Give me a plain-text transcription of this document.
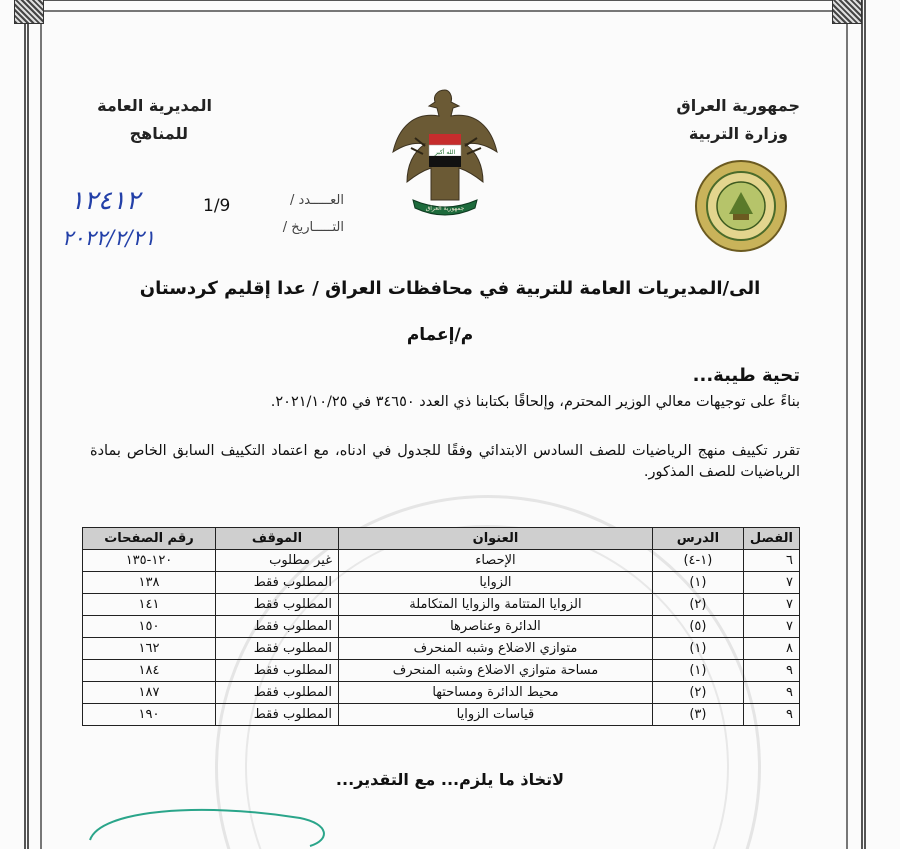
المديرية العامة
للمناهج
جمهورية العراق
وزارة التربية
الله أكبر
جمهورية العراق
العـــــدد /
التـــــاريخ /
1/9
١٢٤١٢
٢٠٢٢/٢/٢١
الى/المديريات العامة للتربية في محافظات العراق / عدا إقليم كردستان
م/إعمام
تحية طيبة...
بناءً على توجيهات معالي الوزير المحترم، وإلحاقًا بكتابنا ذي العدد ٣٤٦٥٠ في ٢٠٢١/١٠/٢٥.
تقرر تكييف منهج الرياضيات للصف السادس الابتدائي وفقًا للجدول في ادناه، مع اعتماد التكييف السابق الخاص بمادة الرياضيات للصف المذكور.
الفصل	الدرس	العنوان	الموقف	رقم الصفحات
٦	(١-٤)	الإحصاء	غير مطلوب	١٢٠-١٣٥
٧	(١)	الزوايا	المطلوب فقط	١٣٨
٧	(٢)	الزوايا المتتامة والزوايا المتكاملة	المطلوب فقط	١٤١
٧	(٥)	الدائرة وعناصرها	المطلوب فقط	١٥٠
٨	(١)	متوازي الاضلاع وشبه المنحرف	المطلوب فقط	١٦٢
٩	(١)	مساحة متوازي الاضلاع وشبه المنحرف	المطلوب فقط	١٨٤
٩	(٢)	محيط الدائرة ومساحتها	المطلوب فقط	١٨٧
٩	(٣)	قياسات الزوايا	المطلوب فقط	١٩٠
لاتخاذ ما يلزم... مع التقدير...
